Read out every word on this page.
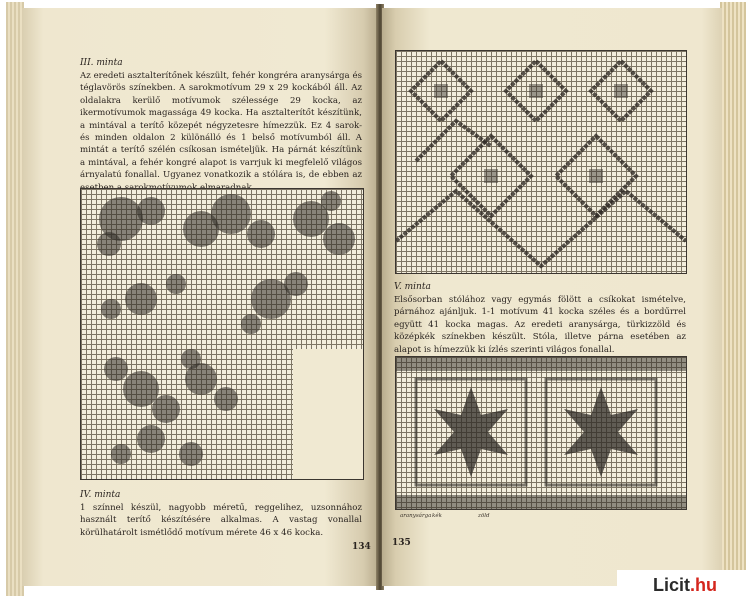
III. minta
Az eredeti asztalterítőnek készült, fehér kongréra aranysárga és téglavörös színekben. A sarokmotívum 29 x 29 kockából áll. Az oldalakra kerülő motívumok szélessége 29 kocka, az ikermotívumok magassága 49 kocka. Ha asztalterítőt készítünk, a mintával a terítő közepét négyzetesre hímezzük. Ez 4 sarok- és minden oldalon 2 különálló és 1 belső motívumból áll. A mintát a terítő szélén csíkosan ismételjük. Ha párnát készítünk a mintával, a fehér kongré alapot is varrjuk ki megfelelő világos árnyalatú fonallal. Ugyanez vonatkozik a stólára is, de ebben az
IV. minta
1 színnel készül, nagyobb méretű, reggelihez, uzsonnához használt terítő készítésére alkalmas. A vastag vonallal körülhatárolt ismétlődő motívum mérete 46 x 46 kocka.
134
V. minta
Elsősorban stólához vagy egymás fölött a csíkokat ismételve, párnához ajánljuk. 1-1 motívum 41 kocka széles és a bordűrrel együtt 41 kocka magas. Az eredeti aranysárga, türkizzöld és középkék színekben készült. Stóla, illetve párna esetében az alapot is hímezzük ki ízlés szerinti világos fonallal.
aranysárga kék	zöld
135
Licit .hu
